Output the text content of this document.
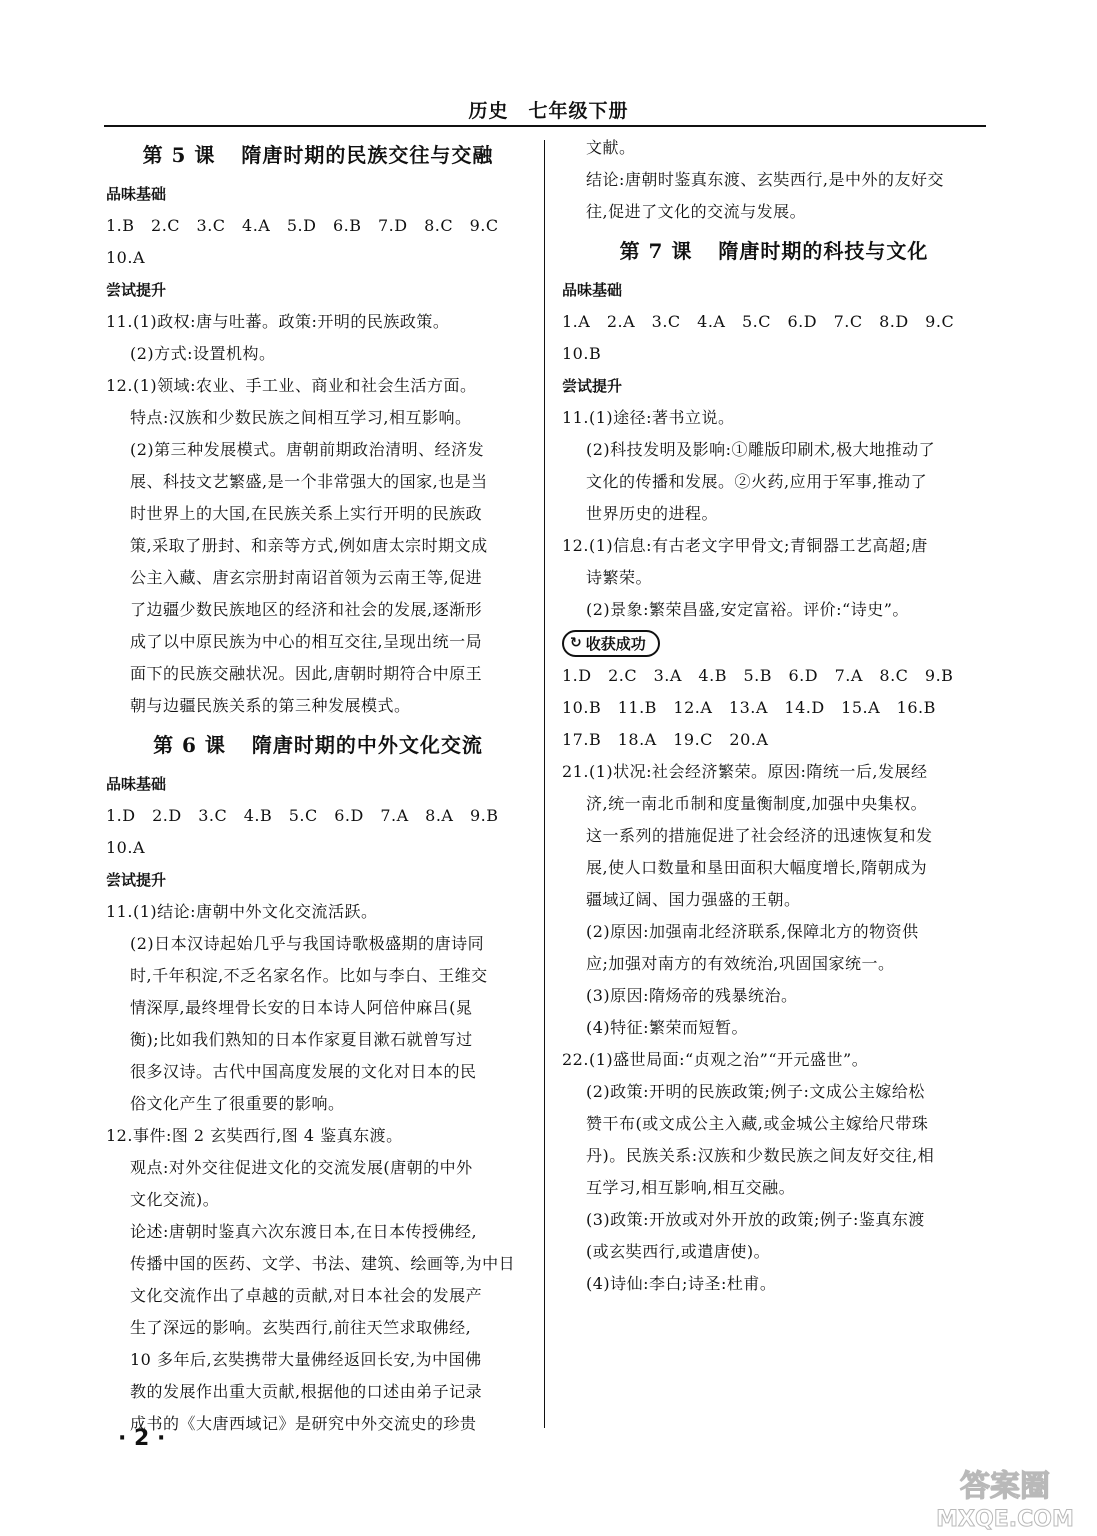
历史　七年级下册
第 5 课 隋唐时期的民族交往与交融
品味基础
1.B　2.C　3.C　4.A　5.D　6.B　7.D　8.C　9.C
10.A
尝试提升
11.(1)政权:唐与吐蕃。政策:开明的民族政策。
(2)方式:设置机构。
12.(1)领域:农业、手工业、商业和社会生活方面。
特点:汉族和少数民族之间相互学习,相互影响。
(2)第三种发展模式。唐朝前期政治清明、经济发
展、科技文艺繁盛,是一个非常强大的国家,也是当
时世界上的大国,在民族关系上实行开明的民族政
策,采取了册封、和亲等方式,例如唐太宗时期文成
公主入藏、唐玄宗册封南诏首领为云南王等,促进
了边疆少数民族地区的经济和社会的发展,逐渐形
成了以中原民族为中心的相互交往,呈现出统一局
面下的民族交融状况。因此,唐朝时期符合中原王
朝与边疆民族关系的第三种发展模式。
第 6 课 隋唐时期的中外文化交流
品味基础
1.D　2.D　3.C　4.B　5.C　6.D　7.A　8.A　9.B
10.A
尝试提升
11.(1)结论:唐朝中外文化交流活跃。
(2)日本汉诗起始几乎与我国诗歌极盛期的唐诗同
时,千年积淀,不乏名家名作。比如与李白、王维交
情深厚,最终埋骨长安的日本诗人阿倍仲麻吕(晁
衡);比如我们熟知的日本作家夏目漱石就曾写过
很多汉诗。古代中国高度发展的文化对日本的民
俗文化产生了很重要的影响。
12.事件:图 2 玄奘西行,图 4 鉴真东渡。
观点:对外交往促进文化的交流发展(唐朝的中外
文化交流)。
论述:唐朝时鉴真六次东渡日本,在日本传授佛经,
传播中国的医药、文学、书法、建筑、绘画等,为中日
文化交流作出了卓越的贡献,对日本社会的发展产
生了深远的影响。玄奘西行,前往天竺求取佛经,
10 多年后,玄奘携带大量佛经返回长安,为中国佛
教的发展作出重大贡献,根据他的口述由弟子记录
成书的《大唐西域记》是研究中外交流史的珍贵
文献。
结论:唐朝时鉴真东渡、玄奘西行,是中外的友好交
往,促进了文化的交流与发展。
第 7 课 隋唐时期的科技与文化
品味基础
1.A　2.A　3.C　4.A　5.C　6.D　7.C　8.D　9.C
10.B
尝试提升
11.(1)途径:著书立说。
(2)科技发明及影响:①雕版印刷术,极大地推动了
文化的传播和发展。②火药,应用于军事,推动了
世界历史的进程。
12.(1)信息:有古老文字甲骨文;青铜器工艺高超;唐
诗繁荣。
(2)景象:繁荣昌盛,安定富裕。评价:“诗史”。
↻ 收获成功
1.D　2.C　3.A　4.B　5.B　6.D　7.A　8.C　9.B
10.B　11.B　12.A　13.A　14.D　15.A　16.B
17.B　18.A　19.C　20.A
21.(1)状况:社会经济繁荣。原因:隋统一后,发展经
济,统一南北币制和度量衡制度,加强中央集权。
这一系列的措施促进了社会经济的迅速恢复和发
展,使人口数量和垦田面积大幅度增长,隋朝成为
疆域辽阔、国力强盛的王朝。
(2)原因:加强南北经济联系,保障北方的物资供
应;加强对南方的有效统治,巩固国家统一。
(3)原因:隋炀帝的残暴统治。
(4)特征:繁荣而短暂。
22.(1)盛世局面:“贞观之治”“开元盛世”。
(2)政策:开明的民族政策;例子:文成公主嫁给松
赞干布(或文成公主入藏,或金城公主嫁给尺带珠
丹)。民族关系:汉族和少数民族之间友好交往,相
互学习,相互影响,相互交融。
(3)政策:开放或对外开放的政策;例子:鉴真东渡
(或玄奘西行,或遣唐使)。
(4)诗仙:李白;诗圣:杜甫。
· 2 ·
答案圈
MXQE.COM
